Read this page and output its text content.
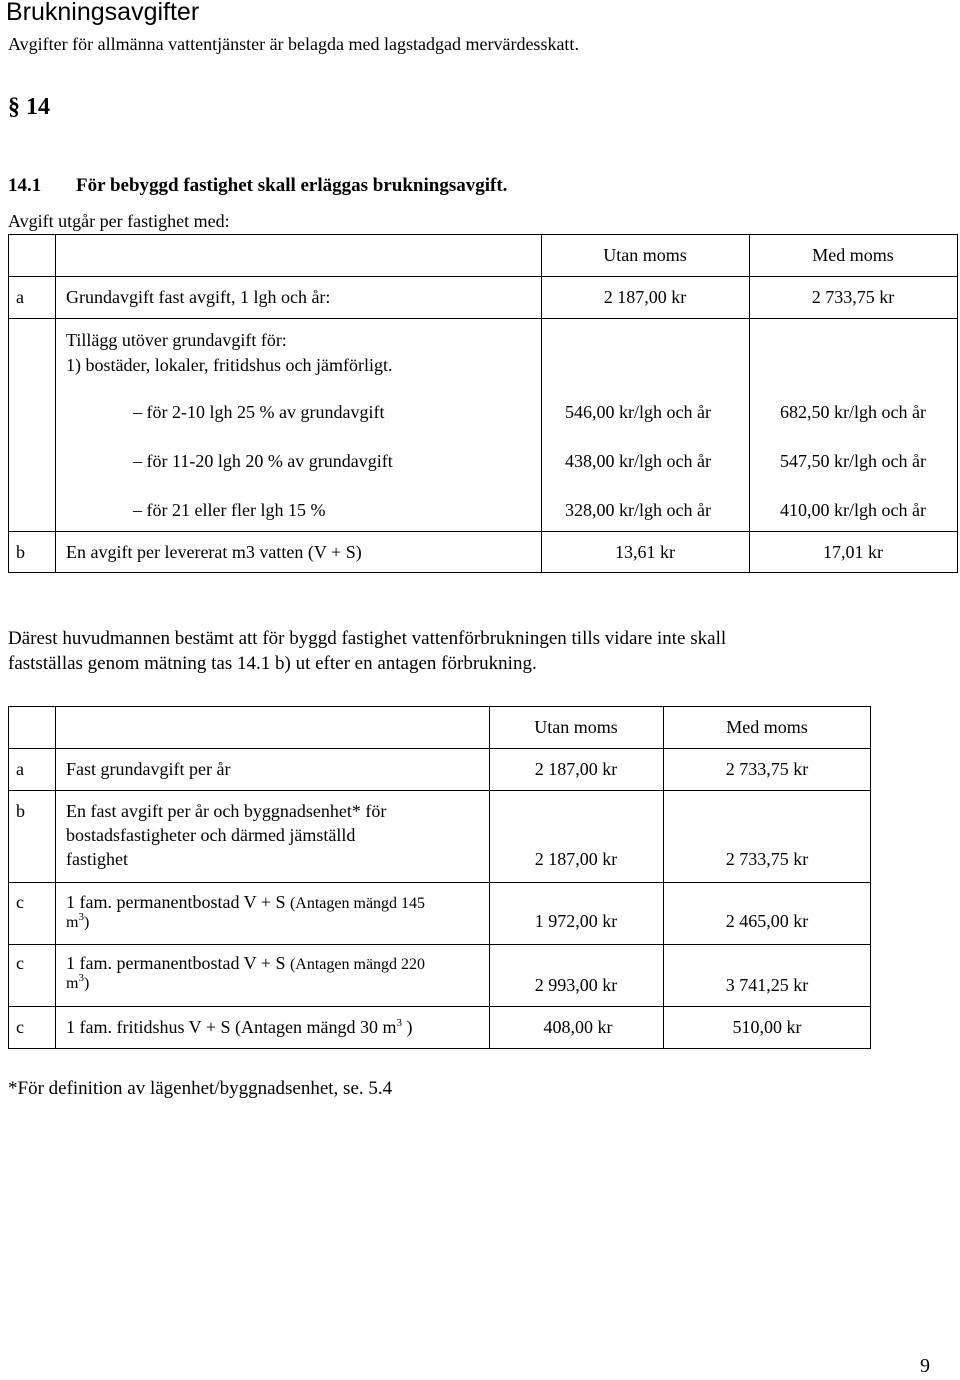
Brukningsavgifter
Avgifter för allmänna vattentjänster är belagda med lagstadgad mervärdesskatt.
§ 14
14.1 För bebyggd fastighet skall erläggas brukningsavgift.
Avgift utgår per fastighet med:
Utan moms	Med moms
a Grundavgift fast avgift, 1 lgh och år:	2 187,00 kr	2 733,75 kr
Tillägg utöver grundavgift för:
1) bostäder, lokaler, fritidshus och jämförligt.
– för 2-10 lgh 25 % av grundavgift	546,00 kr/lgh och år	682,50 kr/lgh och år
– för 11-20 lgh 20 % av grundavgift	438,00 kr/lgh och år	547,50 kr/lgh och år
– för 21 eller fler lgh 15 %	328,00 kr/lgh och år	410,00 kr/lgh och år
b En avgift per levererat m3 vatten (V + S)	13,61 kr	17,01 kr
Därest huvudmannen bestämt att för byggd fastighet vattenförbrukningen tills vidare inte skall
fastställas genom mätning tas 14.1 b) ut efter en antagen förbrukning.
Utan moms	Med moms
a Fast grundavgift per år	2 187,00 kr	2 733,75 kr
b En fast avgift per år och byggnadsenhet* för
bostadsfastigheter och därmed jämställd
fastighet	2 187,00 kr	2 733,75 kr
c 1 fam. permanentbostad V + S (Antagen mängd 145
$m^3$)	1 972,00 kr	2 465,00 kr
c 1 fam. permanentbostad V + S (Antagen mängd 220
$m^3$)	2 993,00 kr	3 741,25 kr
c 1 fam. fritidshus V + S (Antagen mängd 30 $m^3$ )	408,00 kr	510,00 kr
*För definition av lägenhet/byggnadsenhet, se. 5.4
9
